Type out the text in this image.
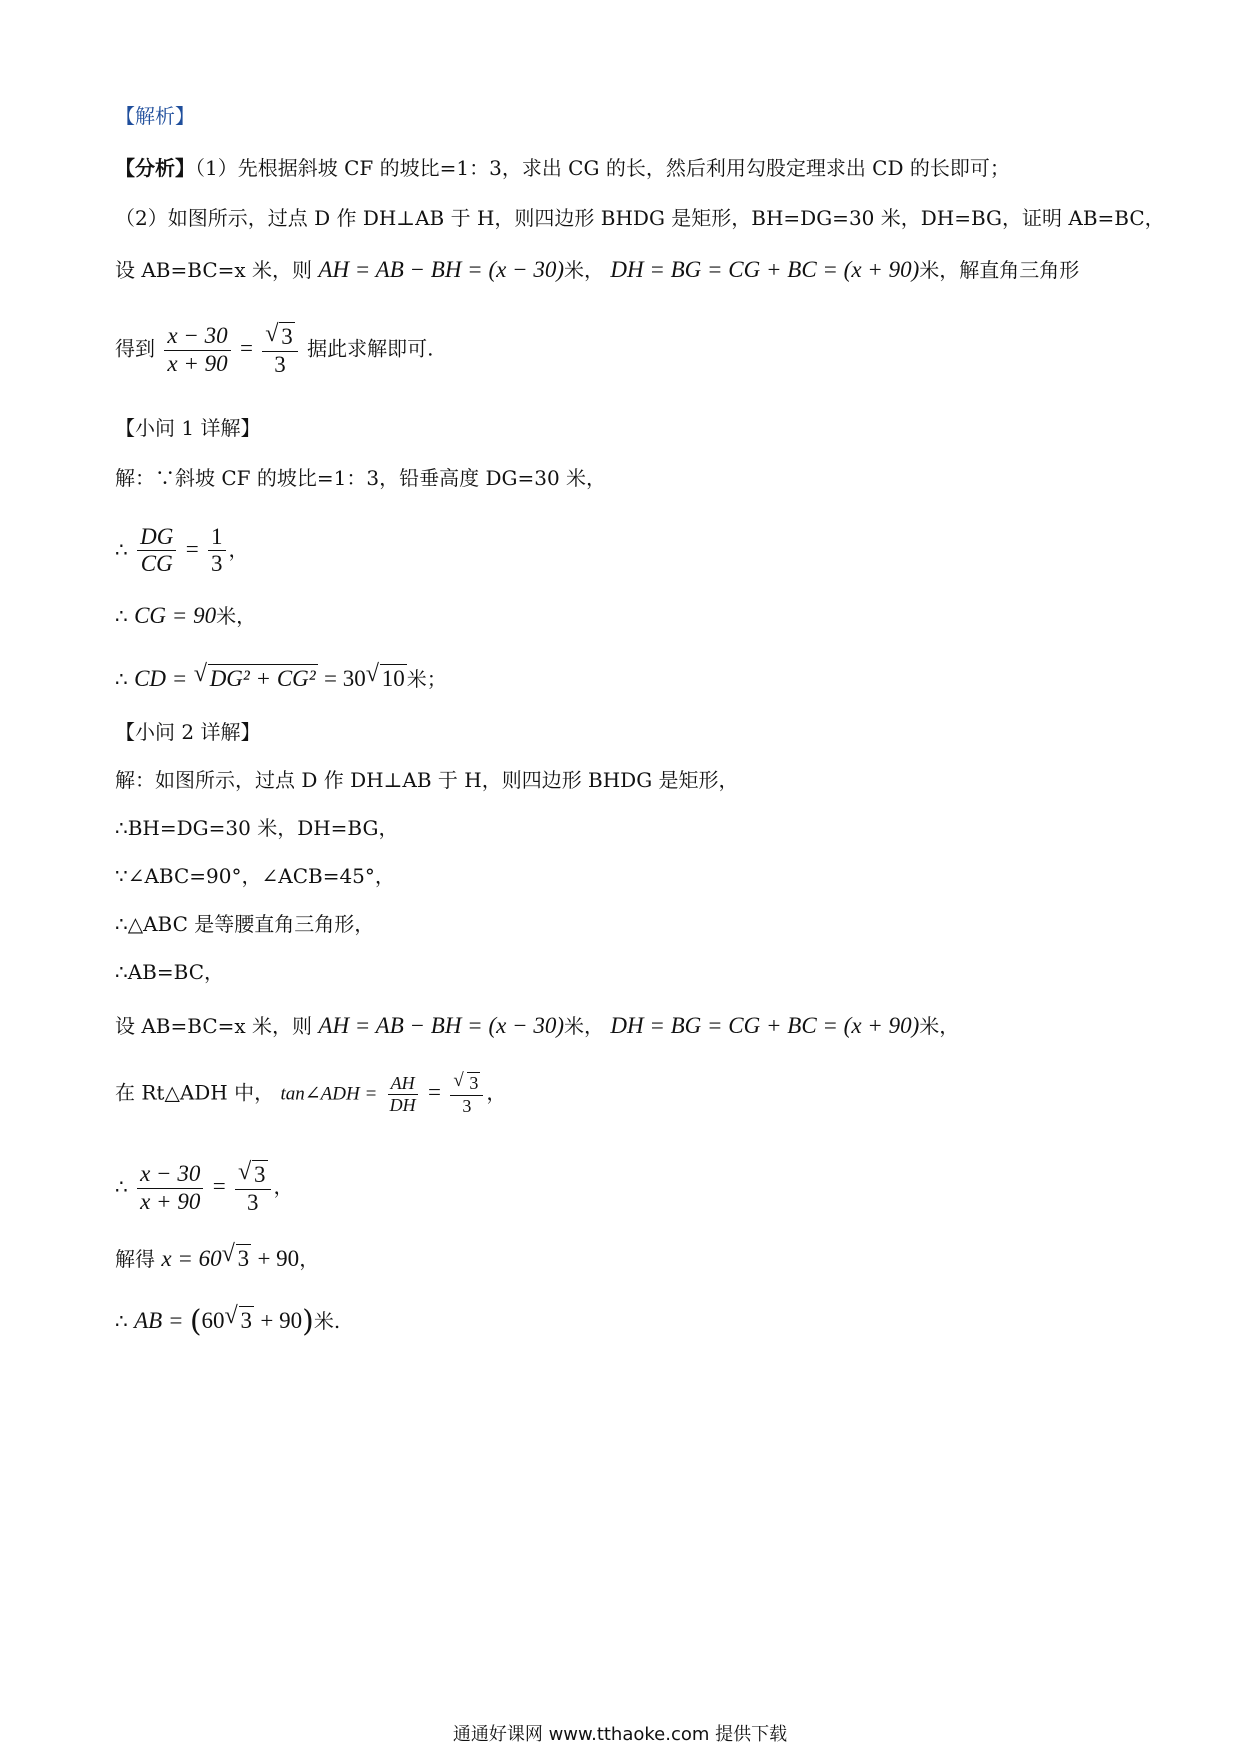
【解析】
【分析】（1）先根据斜坡 CF 的坡比=1：3，求出 CG 的长，然后利用勾股定理求出 CD 的长即可；
（2）如图所示，过点 D 作 DH⊥AB 于 H，则四边形 BHDG 是矩形，BH=DG=30 米，DH=BG，证明 AB=BC，
设 AB=BC=x 米，则 AH = AB − BH = (x − 30)米， DH = BG = CG + BC = (x + 90)米，解直角三角形
得到 $\frac{x - 30}{x + 90} = \frac{√ 3}{3}$ 据此求解即可.
【小问 1 详解】
解：∵斜坡 CF 的坡比=1：3，铅垂高度 DG=30 米，
∴ $\frac{DG}{CG} = \frac{1}{3}$ ，
∴ CG = 90米，
∴ CD = √ DG² + CG² = 30 √ 10 米；
【小问 2 详解】
解：如图所示，过点 D 作 DH⊥AB 于 H，则四边形 BHDG 是矩形，
∴BH=DG=30 米，DH=BG，
∵∠ABC=90°，∠ACB=45°，
∴△ABC 是等腰直角三角形，
∴AB=BC，
设 AB=BC=x 米，则 AH = AB − BH = (x − 30)米， DH = BG = CG + BC = (x + 90)米，
在 Rt△ADH 中， tan∠ADH = $\frac{AH}{DH} = \frac{√ 3}{3}$ ，
∴ $\frac{x - 30}{x + 90} = \frac{√ 3}{3}$ ，
解得 x = 60 √ 3 + 90，
∴ AB = (60 √ 3 + 90)米.
通通好课网 www.tthaoke.com 提供下载
